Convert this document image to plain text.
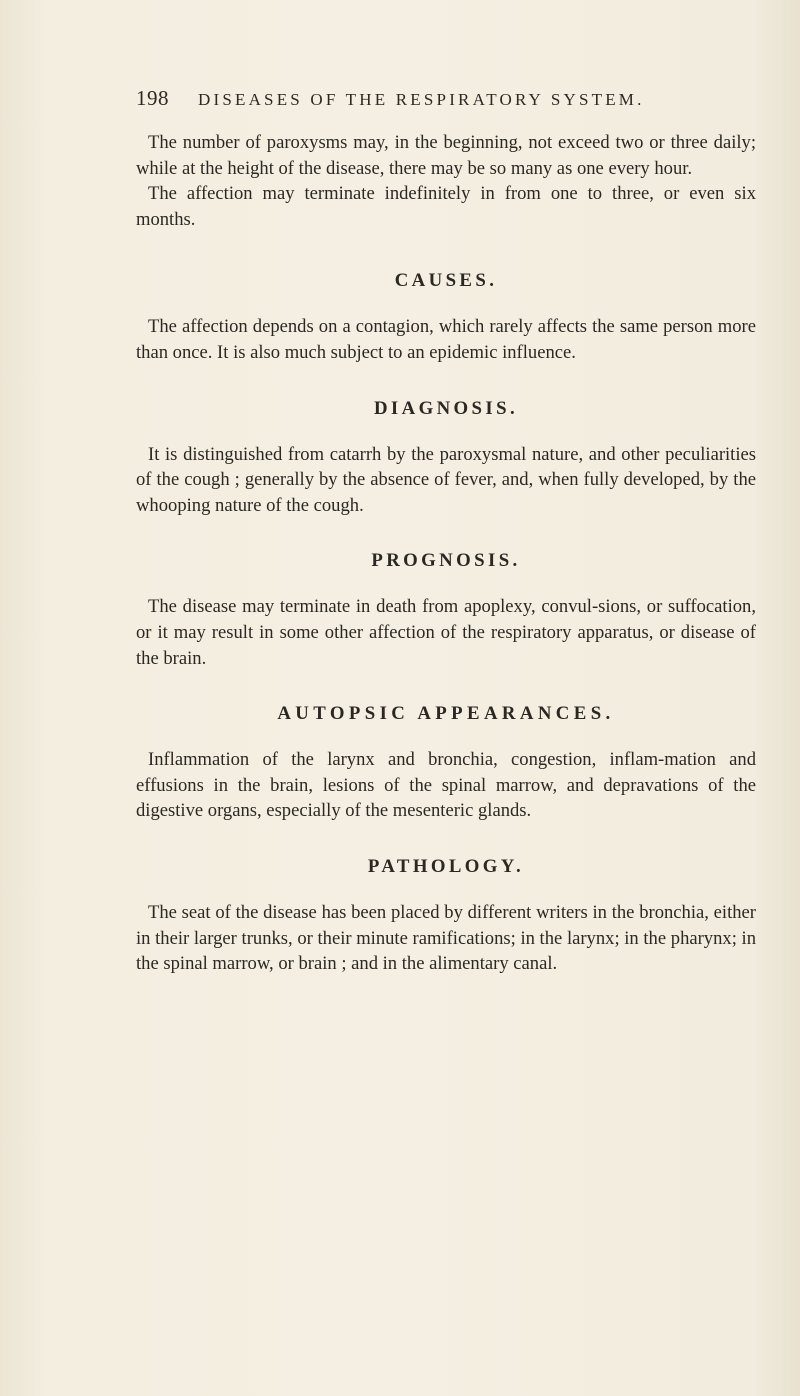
198	DISEASES OF THE RESPIRATORY SYSTEM.

The number of paroxysms may, in the beginning, not exceed two or three daily; while at the height of the disease, there may be so many as one every hour.

The affection may terminate indefinitely in from one to three, or even six months.

CAUSES.

The affection depends on a contagion, which rarely affects the same person more than once. It is also much subject to an epidemic influence.

DIAGNOSIS.

It is distinguished from catarrh by the paroxysmal nature, and other peculiarities of the cough ; generally by the absence of fever, and, when fully developed, by the whooping nature of the cough.

PROGNOSIS.

The disease may terminate in death from apoplexy, convul-sions, or suffocation, or it may result in some other affection of the respiratory apparatus, or disease of the brain.

AUTOPSIC APPEARANCES.

Inflammation of the larynx and bronchia, congestion, inflam-mation and effusions in the brain, lesions of the spinal marrow, and depravations of the digestive organs, especially of the mesenteric glands.

PATHOLOGY.

The seat of the disease has been placed by different writers in the bronchia, either in their larger trunks, or their minute ramifications; in the larynx; in the pharynx; in the spinal marrow, or brain ; and in the alimentary canal.
